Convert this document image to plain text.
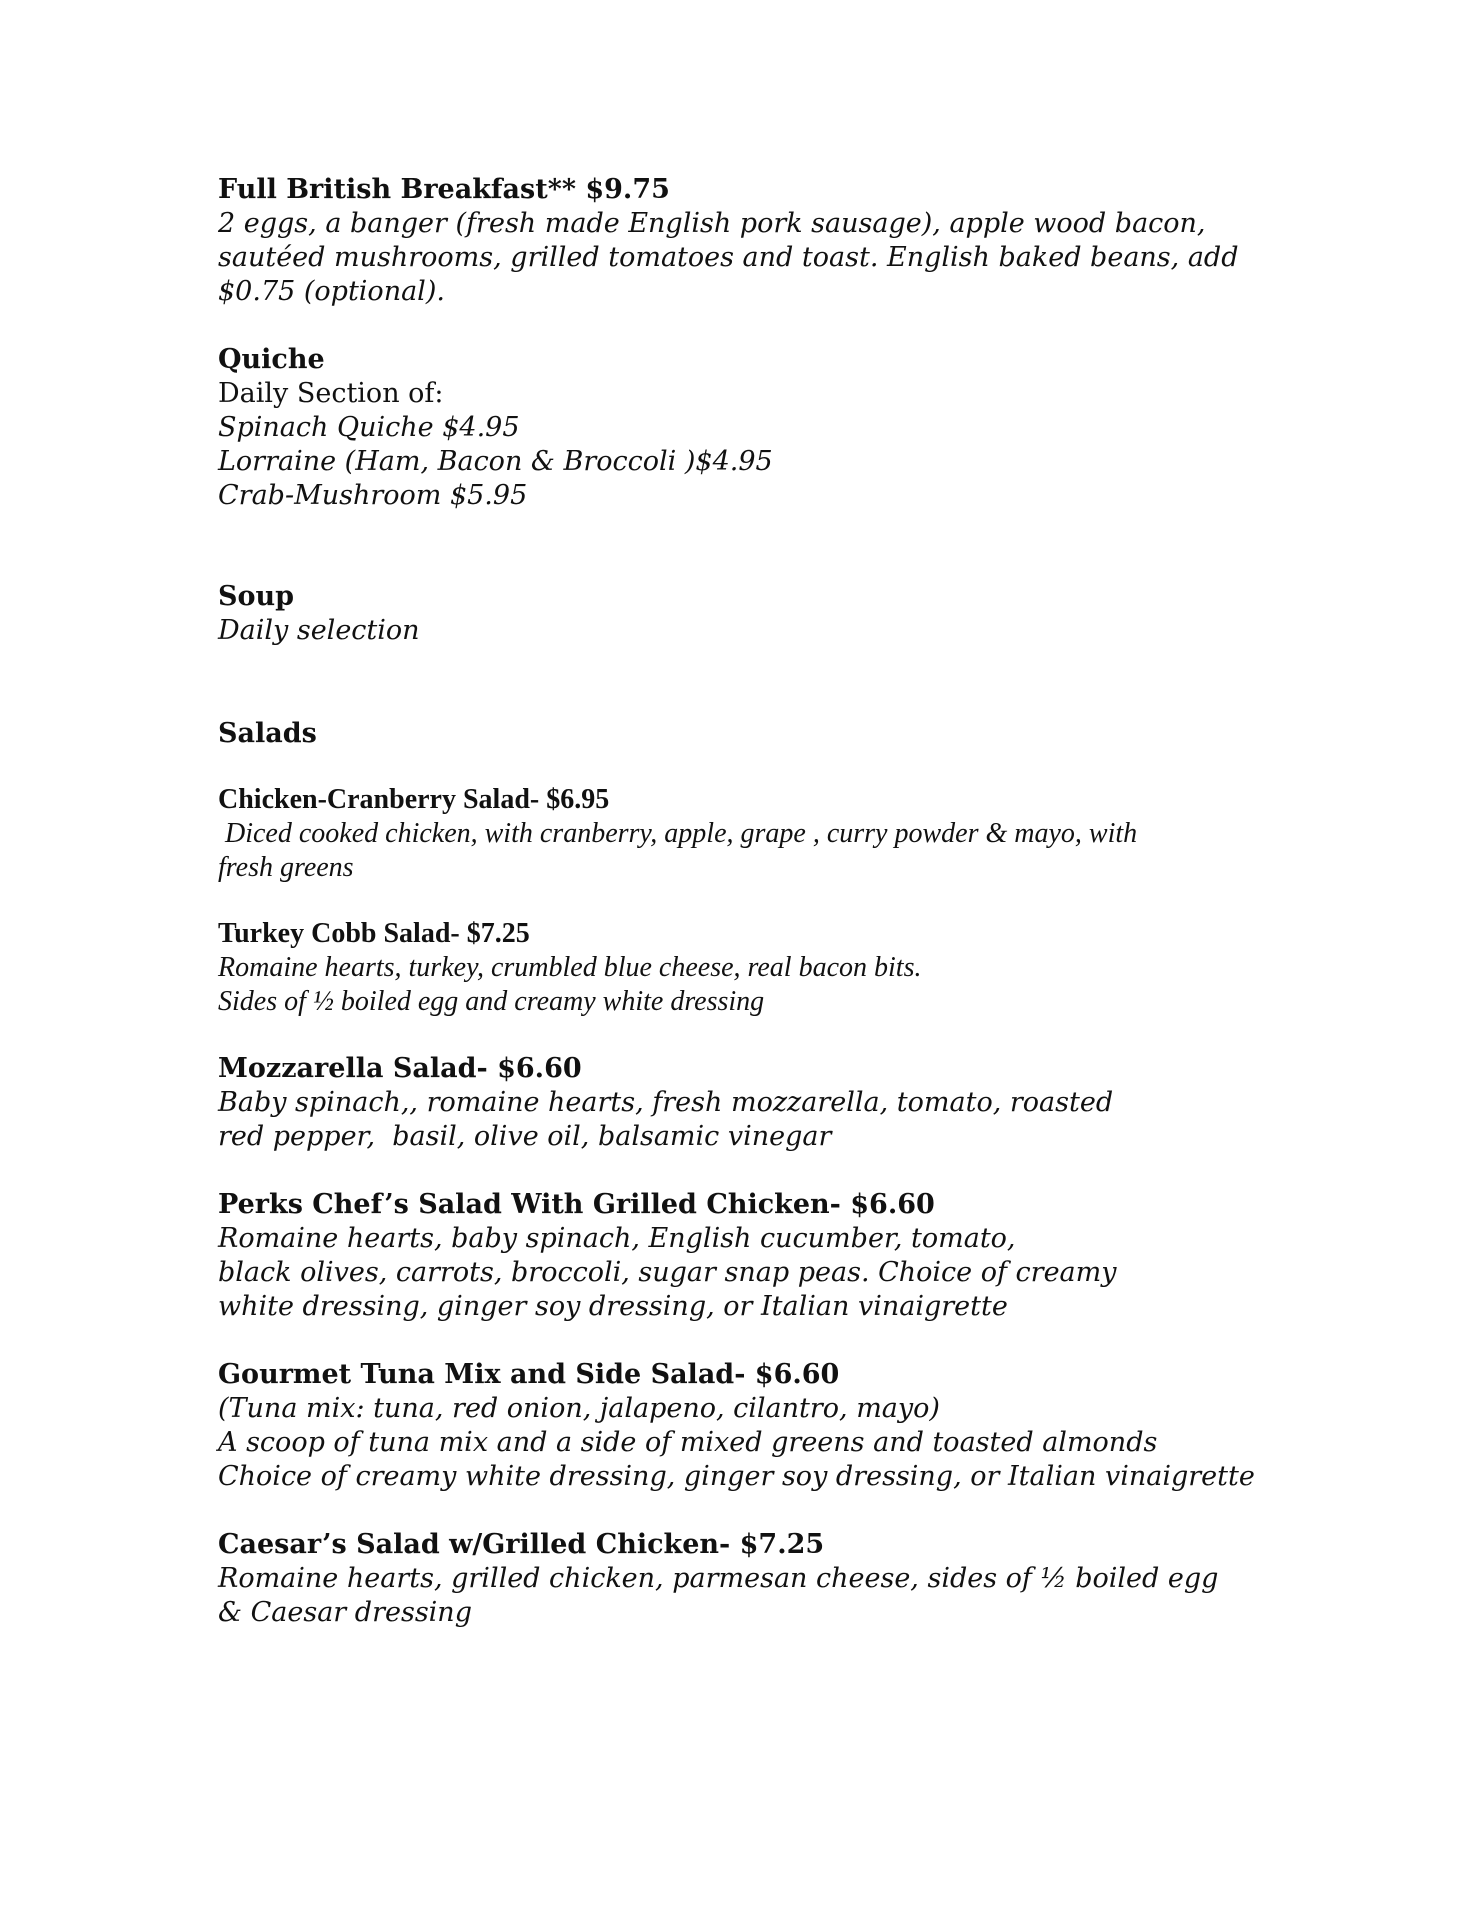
Full British Breakfast** $9.75
2 eggs, a banger (fresh made English pork sausage), apple wood bacon,
sautéed mushrooms, grilled tomatoes and toast. English baked beans, add
$0.75 (optional).
Quiche
Daily Section of:
Spinach Quiche $4.95
Lorraine (Ham, Bacon & Broccoli )$4.95
Crab-Mushroom $5.95
Soup
Daily selection
Salads
Chicken-Cranberry Salad- $6.95
Diced cooked chicken, with cranberry, apple, grape , curry powder & mayo, with
fresh greens
Turkey Cobb Salad- $7.25
Romaine hearts, turkey, crumbled blue cheese, real bacon bits.
Sides of ½ boiled egg and creamy white dressing
Mozzarella Salad- $6.60
Baby spinach,, romaine hearts, fresh mozzarella, tomato, roasted
red pepper,  basil, olive oil, balsamic vinegar
Perks Chef’s Salad With Grilled Chicken- $6.60
Romaine hearts, baby spinach, English cucumber, tomato,
black olives, carrots, broccoli, sugar snap peas. Choice of creamy
white dressing, ginger soy dressing, or Italian vinaigrette
Gourmet Tuna Mix and Side Salad- $6.60
(Tuna mix: tuna, red onion, jalapeno, cilantro, mayo)
A scoop of tuna mix and a side of mixed greens and toasted almonds
Choice of creamy white dressing, ginger soy dressing, or Italian vinaigrette
Caesar’s Salad w/Grilled Chicken- $7.25
Romaine hearts, grilled chicken, parmesan cheese, sides of ½ boiled egg
& Caesar dressing
